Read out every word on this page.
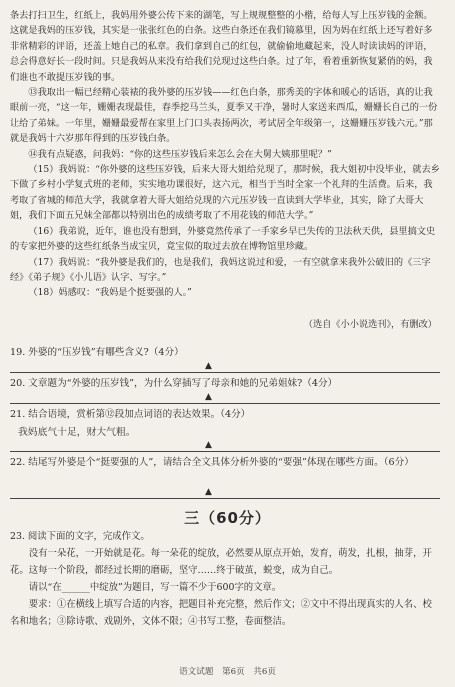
条去打扫卫生，红纸上，我妈用外婆公传下来的湖笔，写上规规整整的小楷，给每人写上压岁钱的金额。这就是我妈的压岁钱，其实是一张张红色的白条。这些白条还在我们镜慕里，因为妈在红纸上还写着好多非常精彩的评语，还盖上她自己的私章。我们拿到自己的红包，就偷偷地藏起来，没人时读读妈的评语，总会得意好长一段时间。只是我妈从来没有给我们兑现过这些白条。过了年，看着重新恢复紧俏的妈，我们谁也不敢提压岁钱的事。

⑬我取出一幅已经精心装裱的我外婆的压岁钱——红色白条，那秀美的字体和暖心的话语，真的让我眼前一亮，“这一年，姗姗表现最佳，春季挖马兰头，夏季又干净，暑时人家送来西瓜，姗姗长自己的一份让给了弟妹。一年里，姗姗最爱帮在家里上门口头表扬两次，考试居全年级第一，这姗姗压岁钱六元。”那就是我妈十六岁那年得到的压岁钱白条。

⑭我有点疑惑，问我妈：“你的这些压岁钱后来怎么会在大舅大姨那里呢？”

（15）我妈说：“你外婆的这些压岁钱，后来大哥大姐给兑现了，那时候，我大姐初中没毕业，就去乡下做了乡村小学复式班的老师，实实地功课很好，这六元，相当于当时全家一个礼拜的生活费。后来，我考取了省城的师范大学，我就拿着大哥大姐给兑现的六元压岁钱一直读到大学毕业，其实，除了大哥大姐，我们下面五兄妹全部都以特别出色的成绩考取了不用花钱的师范大学。”

（16）我弟说，近年，谁也没有想到，外婆竟然传承了一手家乡早已失传的卫法秋天供，县里搞文史的专家把外婆的这些红纸条当成宝贝，竟宝似的取过去放在博物馆里珍藏。

（17）我妈说：“我外婆是我们的，也是我们，我妈这说过和爱，一有空就拿来我外公破旧的《三字经》《弟子规》《小儿语》认字、写字。”

（18）妈感叹：“我妈是个挺要强的人。”

（选自《小小说选刊》，有删改）
19. 外婆的“压岁钱”有哪些含义?（4分）
▲
20. 文章题为“外婆的压岁钱”，为什么穿插写了母亲和她的兄弟姐妹?（4分）
▲
21. 结合语境，赏析第⑫段加点词语的表达效果。（4分）
我妈底气十足，财大气粗。
▲
22. 结尾写外婆是个“挺要强的人”，请结合全文具体分析外婆的“要强”体现在哪些方面。（6分）
▲
三（60分）

23. 阅读下面的文字，完成作文。

没有一朵花，一开始就是花。每一朵花的绽放，必然要从原点开始，发育，萌发，扎根，抽芽，开花。这每一个阶段，都经过长期的磨砺，坚守……终于破茧，蜕变，成为自己。

请以“在______中绽放”为题目，写一篇不少于600字的文章。

要求：①在横线上填写合适的内容，把题目补充完整，然后作文；②文中不得出现真实的人名、校名和地名；③除诗歌、戏剧外，文体不限；④书写工整，卷面整洁。

语文试题　第6页　共6页
